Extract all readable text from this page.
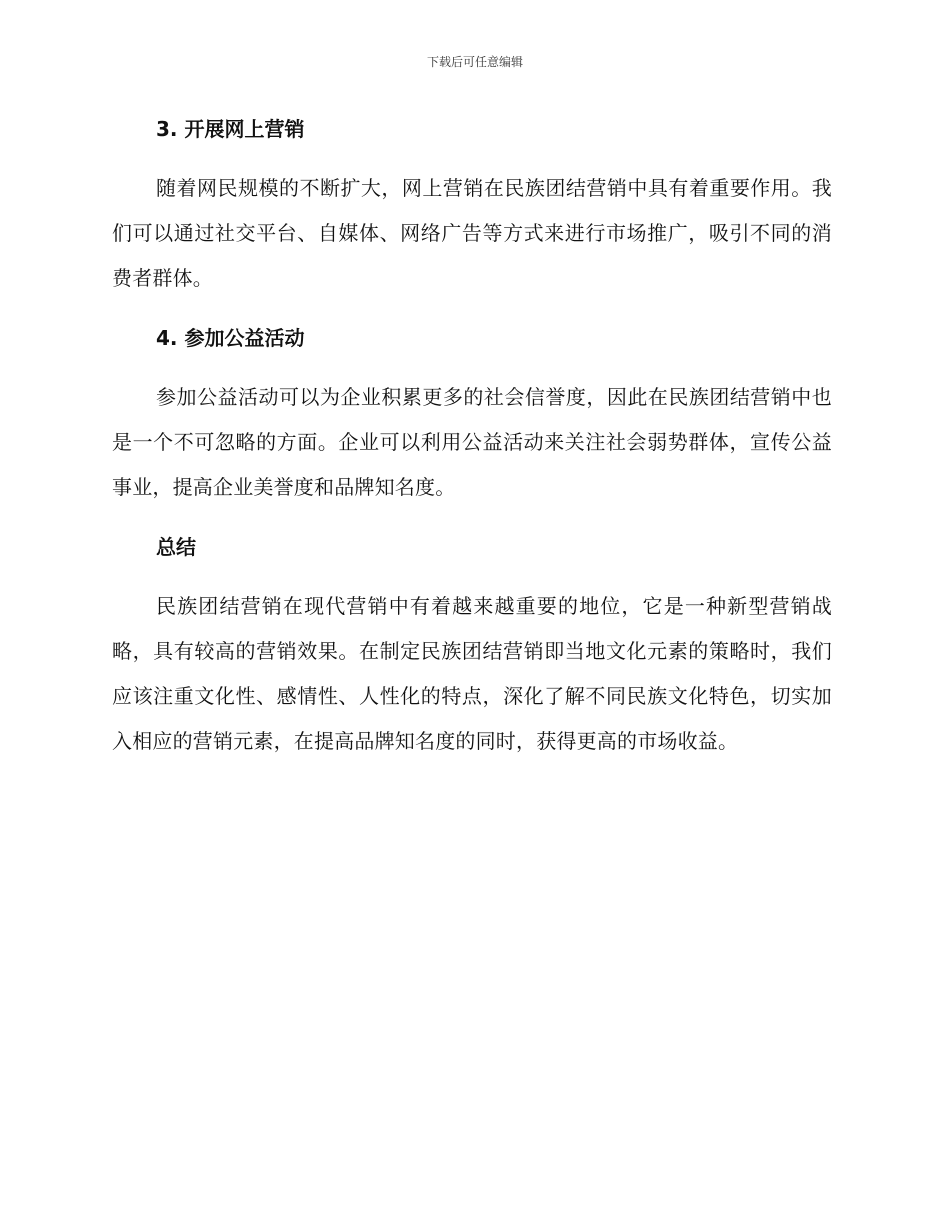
下载后可任意编辑
3. 开展网上营销

随着网民规模的不断扩大，网上营销在民族团结营销中具有着重要作用。我们可以通过社交平台、自媒体、网络广告等方式来进行市场推广，吸引不同的消费者群体。

4. 参加公益活动

参加公益活动可以为企业积累更多的社会信誉度，因此在民族团结营销中也是一个不可忽略的方面。企业可以利用公益活动来关注社会弱势群体，宣传公益事业，提高企业美誉度和品牌知名度。

总结

民族团结营销在现代营销中有着越来越重要的地位，它是一种新型营销战略，具有较高的营销效果。在制定民族团结营销即当地文化元素的策略时，我们应该注重文化性、感情性、人性化的特点，深化了解不同民族文化特色，切实加入相应的营销元素，在提高品牌知名度的同时，获得更高的市场收益。
